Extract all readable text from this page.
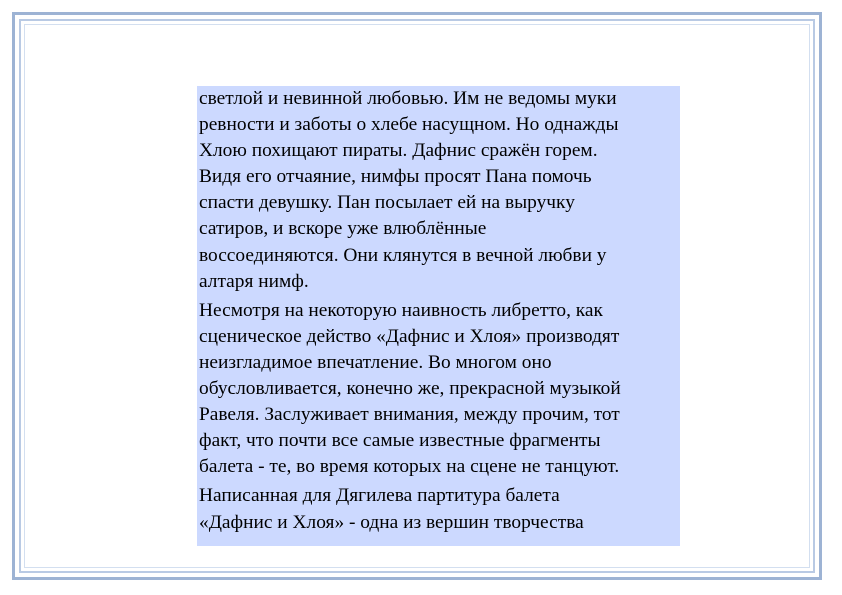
светлой и невинной любовью. Им не ведомы муки
ревности и заботы о хлебе насущном. Но однажды
Хлою похищают пираты. Дафнис сражён горем.
Видя его отчаяние, нимфы просят Пана помочь
спасти девушку. Пан посылает ей на выручку
сатиров, и вскоре уже влюблённые
воссоединяются. Они клянутся в вечной любви у
алтаря нимф.

Несмотря на некоторую наивность либретто, как
сценическое действо «Дафнис и Хлоя» производят
неизгладимое впечатление. Во многом оно
обусловливается, конечно же, прекрасной музыкой
Равеля. Заслуживает внимания, между прочим, тот
факт, что почти все самые известные фрагменты
балета - те, во время которых на сцене не танцуют.

Написанная для Дягилева партитура балета
«Дафнис и Хлоя» - одна из вершин творчества
